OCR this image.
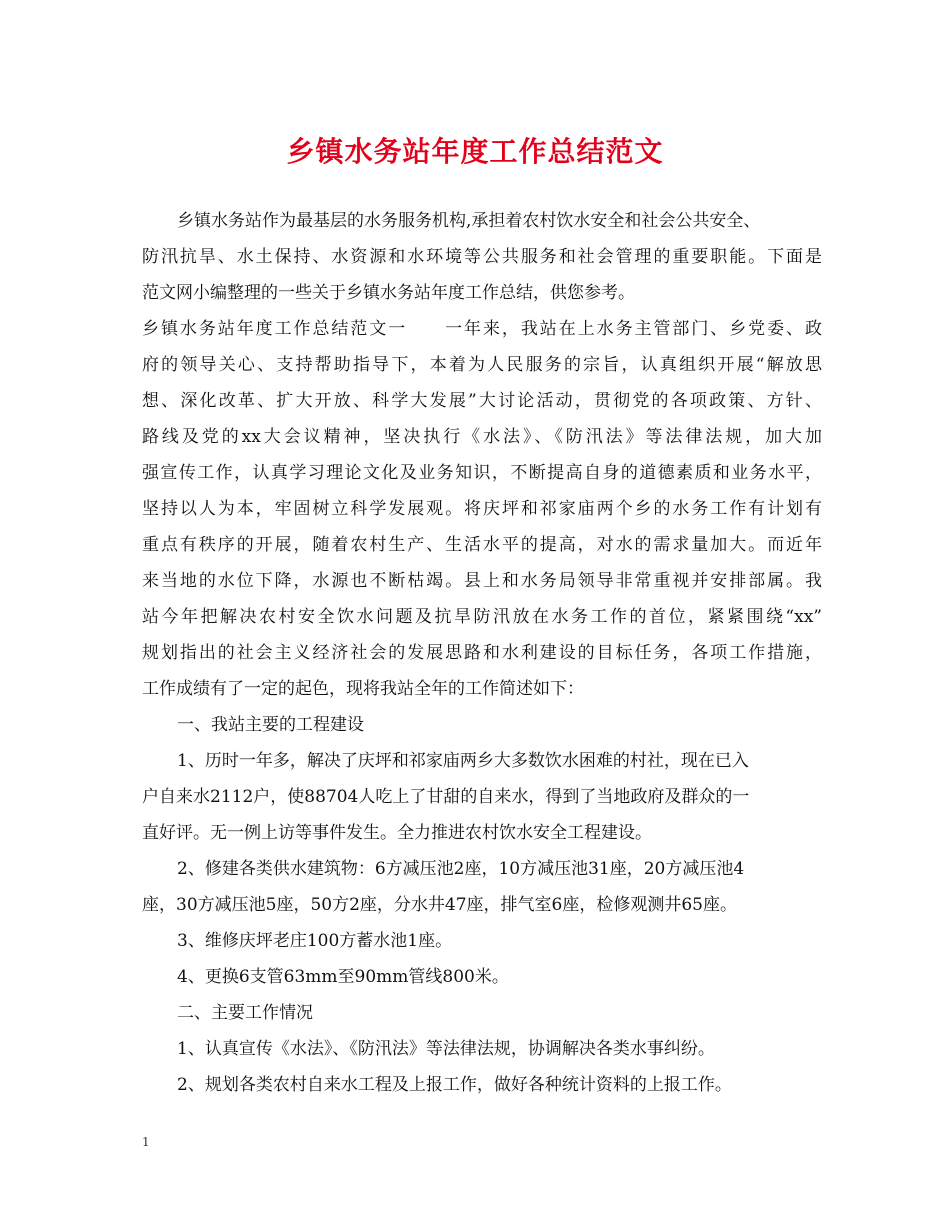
乡镇水务站年度工作总结范文
乡镇水务站作为最基层的水务服务机构,承担着农村饮水安全和社会公共安全、
防汛抗旱、水土保持、水资源和水环境等公共服务和社会管理的重要职能。下面是
范文网小编整理的一些关于乡镇水务站年度工作总结，供您参考。
乡镇水务站年度工作总结范文一　　一年来，我站在上水务主管部门、乡党委、政
府的领导关心、支持帮助指导下，本着为人民服务的宗旨，认真组织开展“解放思
想、深化改革、扩大开放、科学大发展”大讨论活动，贯彻党的各项政策、方针、
路线及党的xx大会议精神，坚决执行《水法》、《防汛法》等法律法规，加大加
强宣传工作，认真学习理论文化及业务知识，不断提高自身的道德素质和业务水平，
坚持以人为本，牢固树立科学发展观。将庆坪和祁家庙两个乡的水务工作有计划有
重点有秩序的开展，随着农村生产、生活水平的提高，对水的需求量加大。而近年
来当地的水位下降，水源也不断枯竭。县上和水务局领导非常重视并安排部属。我
站今年把解决农村安全饮水问题及抗旱防汛放在水务工作的首位，紧紧围绕“xx”
规划指出的社会主义经济社会的发展思路和水利建设的目标任务，各项工作措施，
工作成绩有了一定的起色，现将我站全年的工作简述如下：
一、我站主要的工程建设
1、历时一年多，解决了庆坪和祁家庙两乡大多数饮水困难的村社，现在已入
户自来水2112户，使88704人吃上了甘甜的自来水，得到了当地政府及群众的一
直好评。无一例上访等事件发生。全力推进农村饮水安全工程建设。
2、修建各类供水建筑物：6方减压池2座，10方减压池31座，20方减压池4
座，30方减压池5座，50方2座，分水井47座，排气室6座，检修观测井65座。
3、维修庆坪老庄100方蓄水池1座。
4、更换6支管63mm至90mm管线800米。
二、主要工作情况
1、认真宣传《水法》、《防汛法》等法律法规，协调解决各类水事纠纷。
2、规划各类农村自来水工程及上报工作，做好各种统计资料的上报工作。
1
